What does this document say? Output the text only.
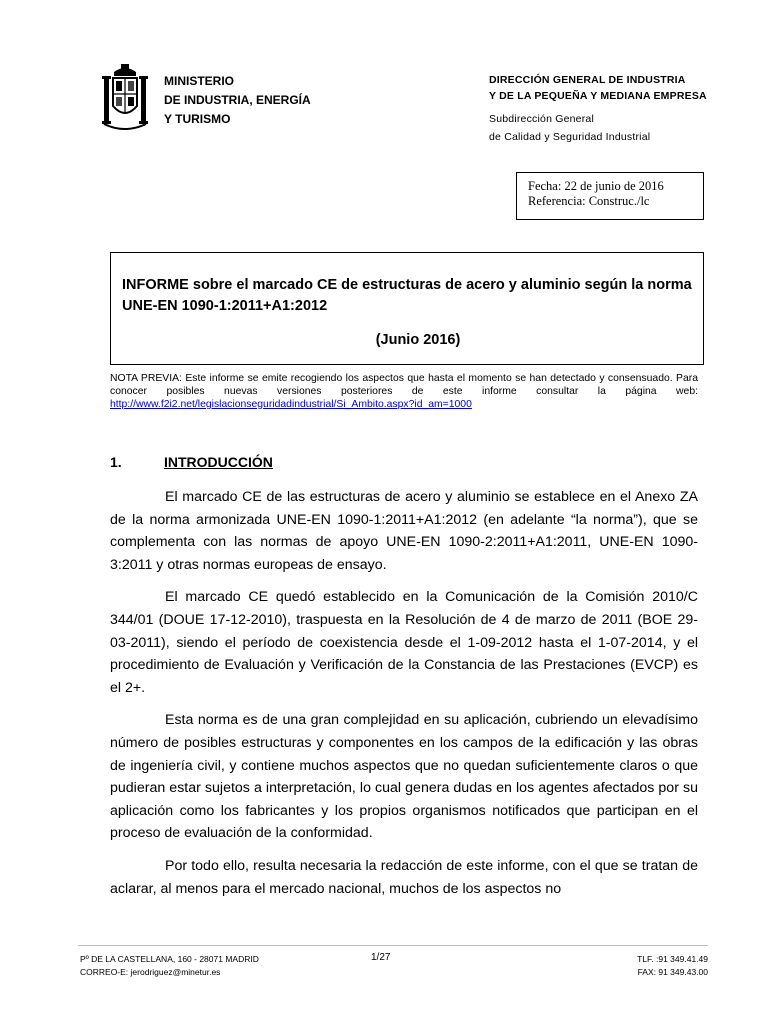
MINISTERIO
DE INDUSTRIA, ENERGÍA
Y TURISMO
DIRECCIÓN GENERAL DE INDUSTRIA
Y DE LA PEQUEÑA Y MEDIANA EMPRESA
Subdirección General
de Calidad y Seguridad Industrial
Fecha: 22 de junio de 2016
Referencia: Construc./lc
INFORME sobre el marcado CE de estructuras de acero y aluminio según la norma UNE-EN 1090-1:2011+A1:2012
(Junio 2016)
NOTA PREVIA: Este informe se emite recogiendo los aspectos que hasta el momento se han detectado y consensuado. Para conocer posibles nuevas versiones posteriores de este informe consultar la página web: http://www.f2i2.net/legislacionseguridadindustrial/Si_Ambito.aspx?id_am=1000
1.	INTRODUCCIÓN

El marcado CE de las estructuras de acero y aluminio se establece en el Anexo ZA de la norma armonizada UNE-EN 1090-1:2011+A1:2012 (en adelante “la norma”), que se complementa con las normas de apoyo UNE-EN 1090-2:2011+A1:2011, UNE-EN 1090-3:2011 y otras normas europeas de ensayo.

El marcado CE quedó establecido en la Comunicación de la Comisión 2010/C 344/01 (DOUE 17-12-2010), traspuesta en la Resolución de 4 de marzo de 2011 (BOE 29-03-2011), siendo el período de coexistencia desde el 1-09-2012 hasta el 1-07-2014, y el procedimiento de Evaluación y Verificación de la Constancia de las Prestaciones (EVCP) es el 2+.

Esta norma es de una gran complejidad en su aplicación, cubriendo un elevadísimo número de posibles estructuras y componentes en los campos de la edificación y las obras de ingeniería civil, y contiene muchos aspectos que no quedan suficientemente claros o que pudieran estar sujetos a interpretación, lo cual genera dudas en los agentes afectados por su aplicación como los fabricantes y los propios organismos notificados que participan en el proceso de evaluación de la conformidad.

Por todo ello, resulta necesaria la redacción de este informe, con el que se tratan de aclarar, al menos para el mercado nacional, muchos de los aspectos no

Pº DE LA CASTELLANA, 160 - 28071 MADRID
CORREO-E: jerodriguez@minetur.es
1/27	TLF. :91 349.41.49
FAX: 91 349.43.00
